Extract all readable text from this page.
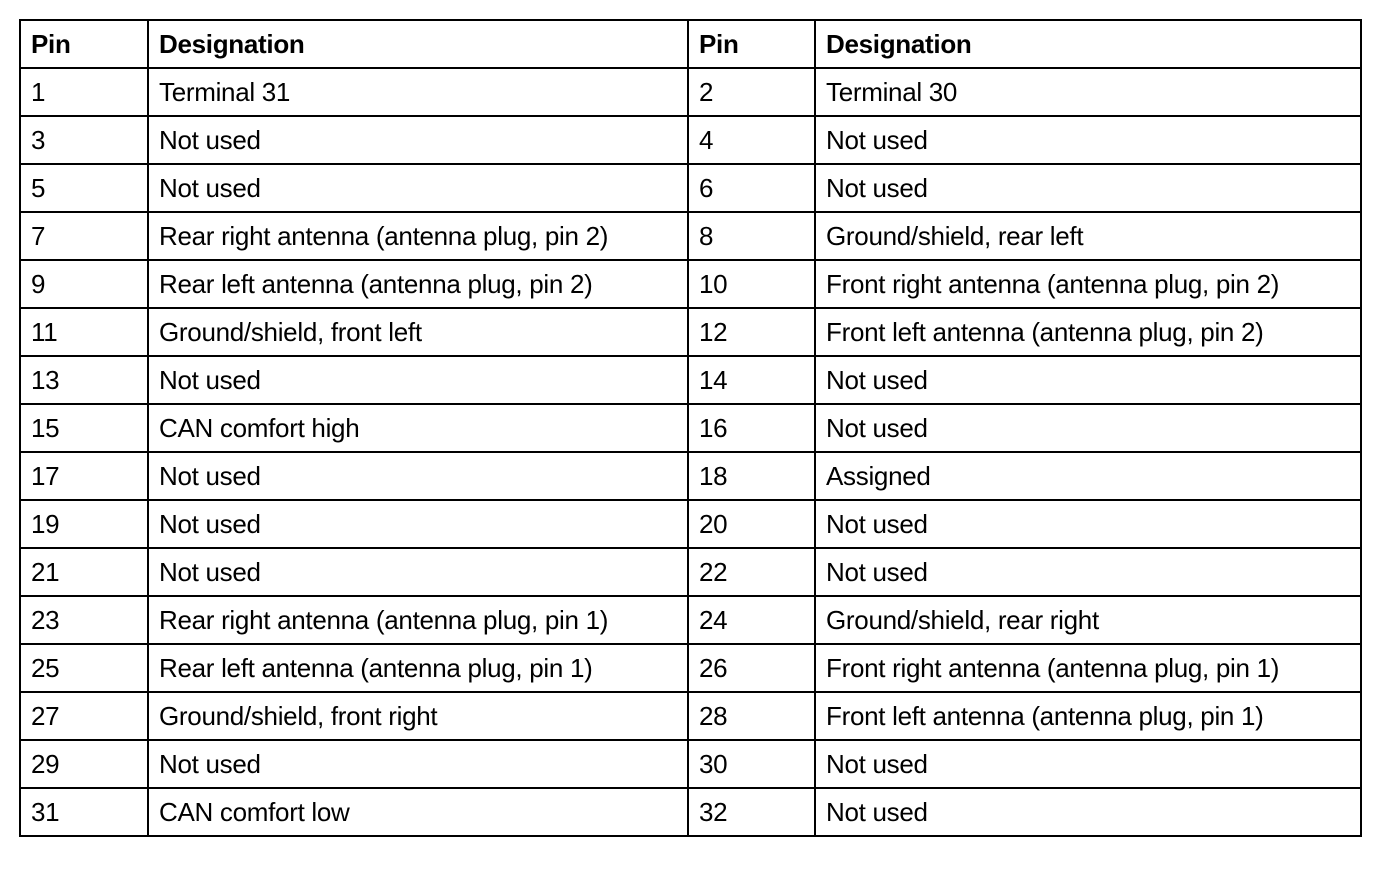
Pin	Designation	Pin	Designation
1	Terminal 31	2	Terminal 30
3	Not used	4	Not used
5	Not used	6	Not used
7	Rear right antenna (antenna plug, pin 2)	8	Ground/shield, rear left
9	Rear left antenna (antenna plug, pin 2)	10	Front right antenna (antenna plug, pin 2)
11	Ground/shield, front left	12	Front left antenna (antenna plug, pin 2)
13	Not used	14	Not used
15	CAN comfort high	16	Not used
17	Not used	18	Assigned
19	Not used	20	Not used
21	Not used	22	Not used
23	Rear right antenna (antenna plug, pin 1)	24	Ground/shield, rear right
25	Rear left antenna (antenna plug, pin 1)	26	Front right antenna (antenna plug, pin 1)
27	Ground/shield, front right	28	Front left antenna (antenna plug, pin 1)
29	Not used	30	Not used
31	CAN comfort low	32	Not used
